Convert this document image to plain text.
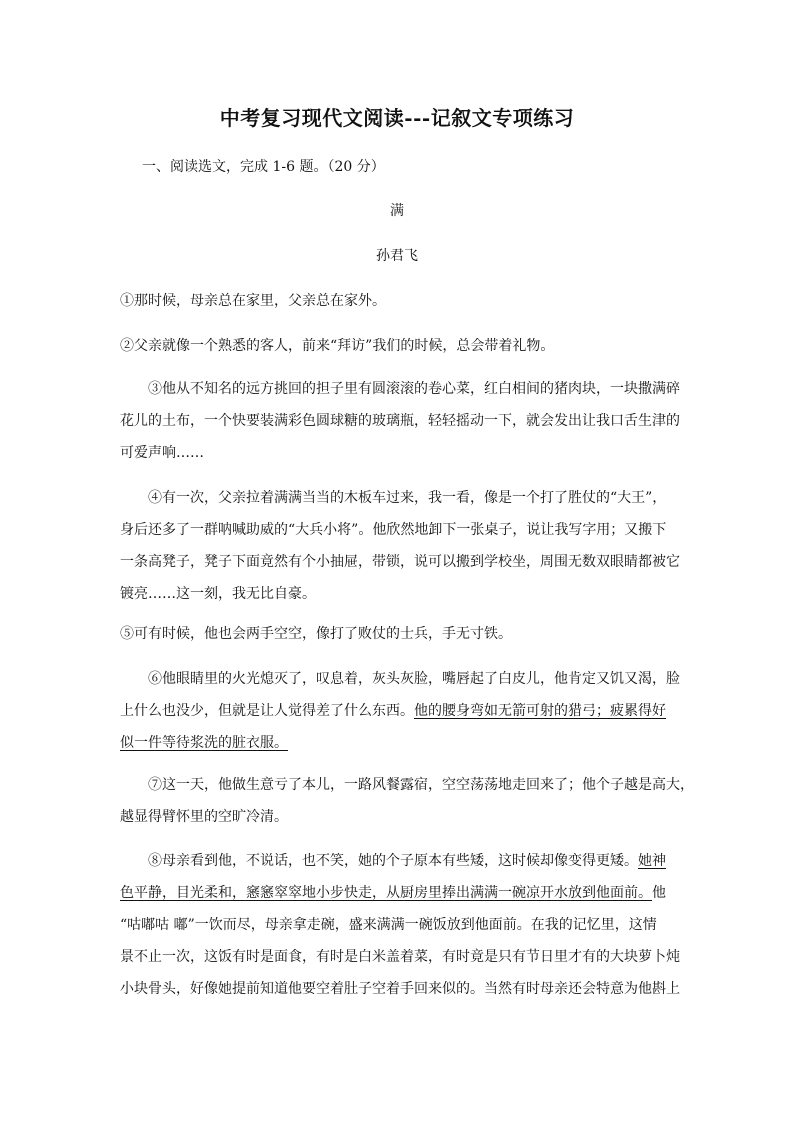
中考复习现代文阅读---记叙文专项练习
一、阅读选文，完成 1-6 题。（20 分）
满
孙君飞
①那时候，母亲总在家里，父亲总在家外。
②父亲就像一个熟悉的客人，前来“拜访”我们的时候，总会带着礼物。
③他从不知名的远方挑回的担子里有圆滚滚的卷心菜，红白相间的猪肉块，一块撒满碎
花儿的土布，一个快要装满彩色圆球糖的玻璃瓶，轻轻摇动一下，就会发出让我口舌生津的
可爱声响……
④有一次，父亲拉着满满当当的木板车过来，我一看，像是一个打了胜仗的“大王”，
身后还多了一群呐喊助威的“大兵小将”。他欣然地卸下一张桌子，说让我写字用；又搬下
一条高凳子，凳子下面竟然有个小抽屉，带锁，说可以搬到学校坐，周围无数双眼睛都被它
镀亮……这一刻，我无比自豪。
⑤可有时候，他也会两手空空，像打了败仗的士兵，手无寸铁。
⑥他眼睛里的火光熄灭了，叹息着，灰头灰脸，嘴唇起了白皮儿，他肯定又饥又渴，脸
上什么也没少，但就是让人觉得差了什么东西。他的腰身弯如无箭可射的猎弓；疲累得好
似一件等待浆洗的脏衣服。
⑦这一天，他做生意亏了本儿，一路风餐露宿，空空荡荡地走回来了；他个子越是高大，
越显得臂怀里的空旷冷清。
⑧母亲看到他，不说话，也不笑，她的个子原本有些矮，这时候却像变得更矮。她神
色平静，目光柔和，窸窸窣窣地小步快走，从厨房里捧出满满一碗凉开水放到他面前。他
“咕嘟咕 嘟”一饮而尽，母亲拿走碗，盛来满满一碗饭放到他面前。在我的记忆里，这情
景不止一次，这饭有时是面食，有时是白米盖着菜，有时竟是只有节日里才有的大块萝卜炖
小块骨头，好像她提前知道他要空着肚子空着手回来似的。当然有时母亲还会特意为他斟上
